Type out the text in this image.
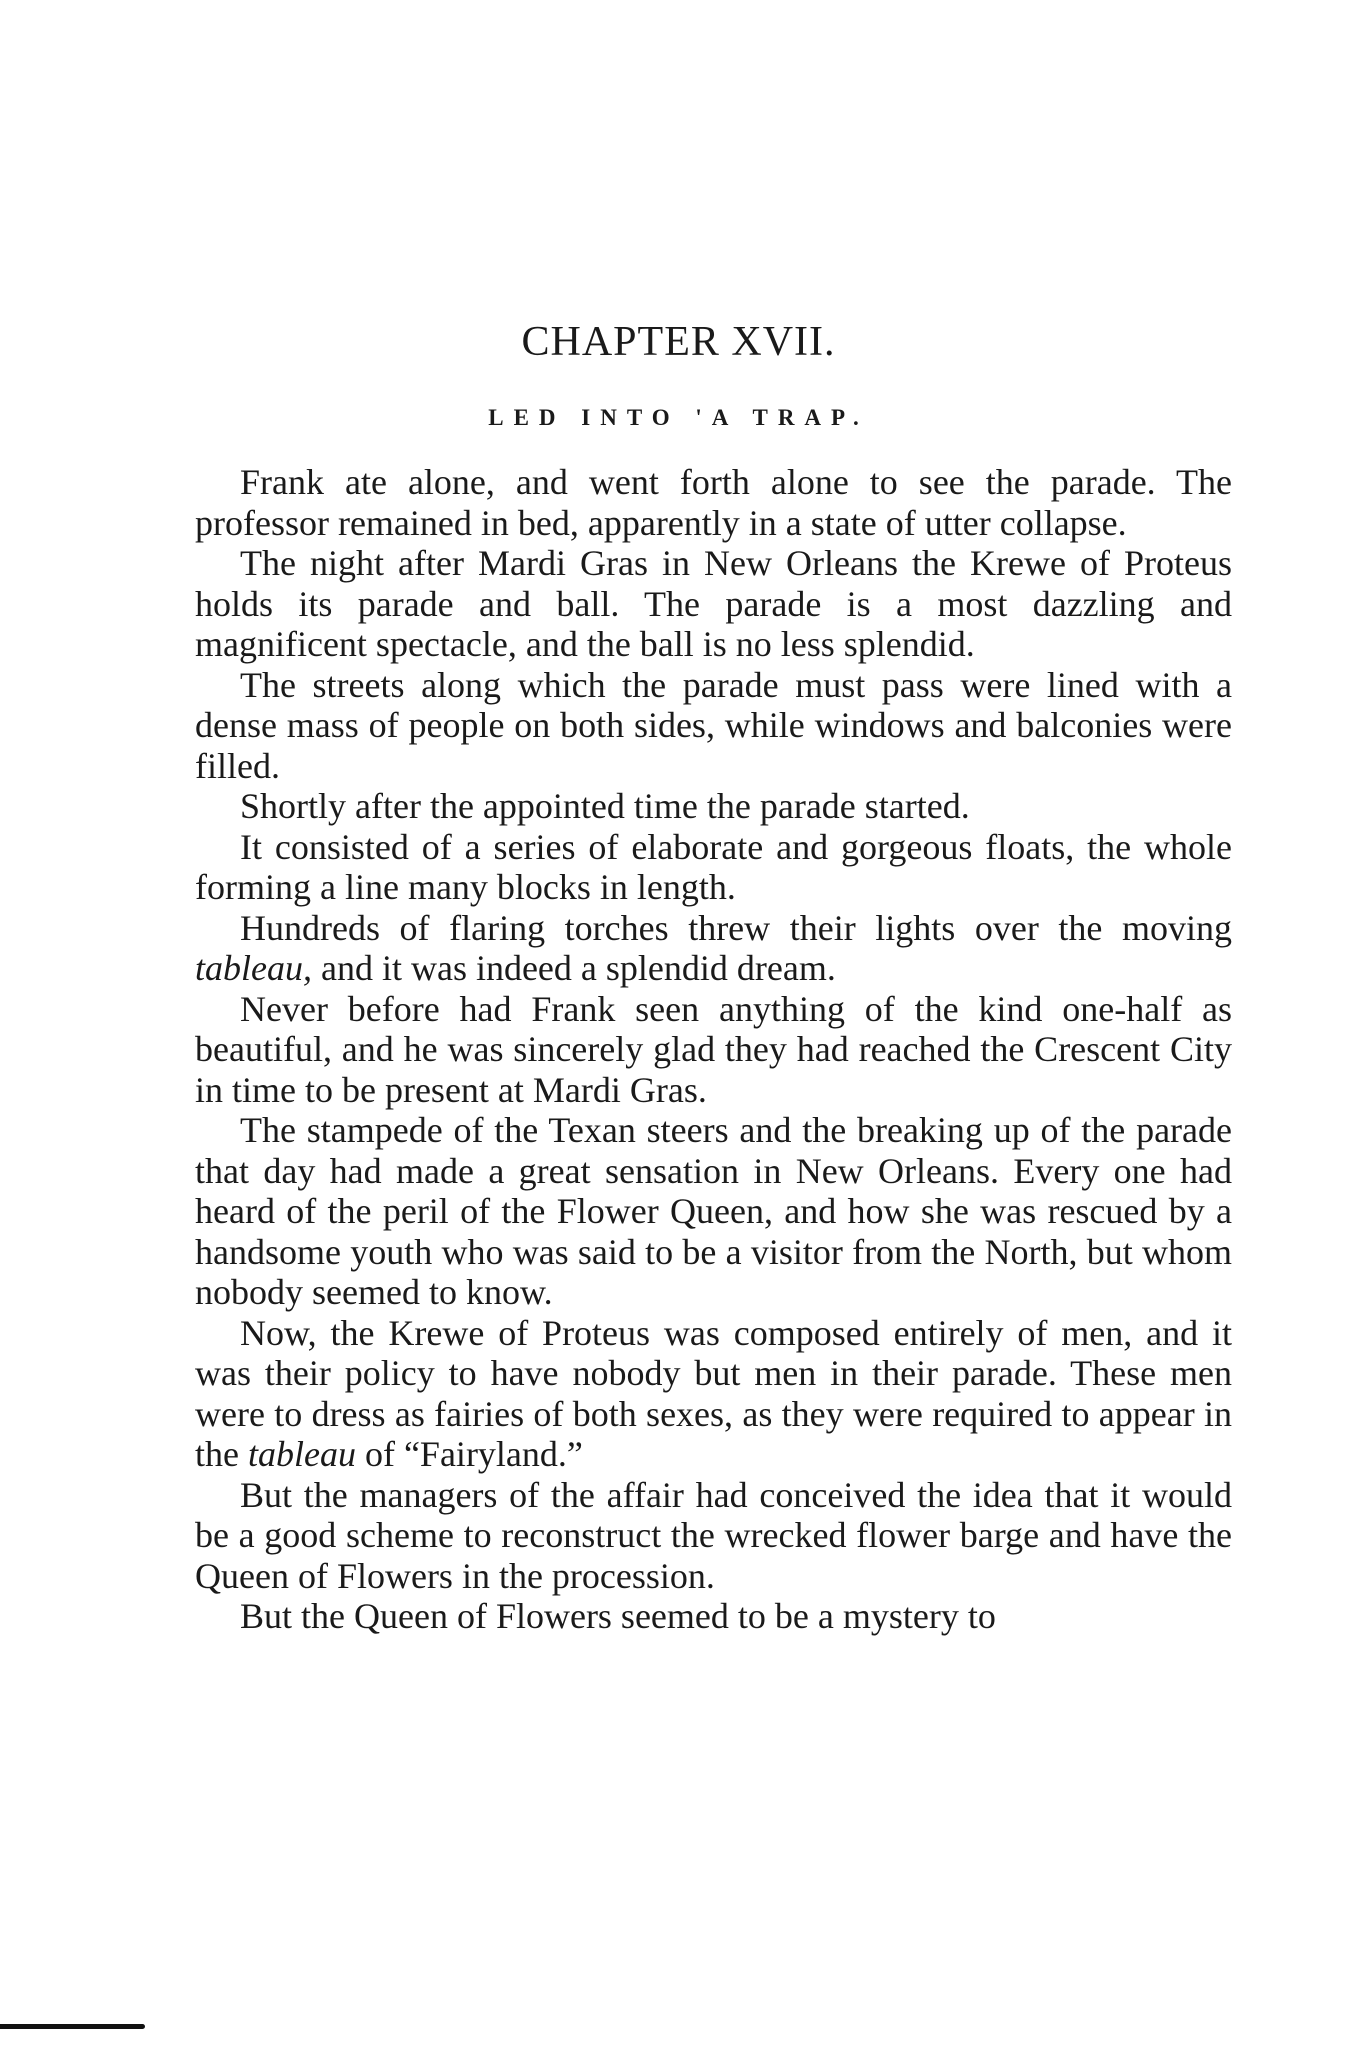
CHAPTER XVII.
LED INTO 'A TRAP.

Frank ate alone, and went forth alone to see the parade. The professor remained in bed, apparently in a state of utter collapse.

The night after Mardi Gras in New Orleans the Krewe of Proteus holds its parade and ball. The parade is a most dazzling and magnificent spectacle, and the ball is no less splendid.

The streets along which the parade must pass were lined with a dense mass of people on both sides, while windows and balconies were filled.

Shortly after the appointed time the parade started.

It consisted of a series of elaborate and gorgeous floats, the whole forming a line many blocks in length.

Hundreds of flaring torches threw their lights over the moving tableau, and it was indeed a splendid dream.

Never before had Frank seen anything of the kind one-half as beautiful, and he was sincerely glad they had reached the Crescent City in time to be present at Mardi Gras.

The stampede of the Texan steers and the breaking up of the parade that day had made a great sensation in New Orleans. Every one had heard of the peril of the Flower Queen, and how she was rescued by a handsome youth who was said to be a visitor from the North, but whom nobody seemed to know.

Now, the Krewe of Proteus was composed entirely of men, and it was their policy to have nobody but men in their parade. These men were to dress as fairies of both sexes, as they were required to appear in the tableau of “Fairyland.”

But the managers of the affair had conceived the idea that it would be a good scheme to reconstruct the wrecked flower barge and have the Queen of Flowers in the procession.

But the Queen of Flowers seemed to be a mystery to
